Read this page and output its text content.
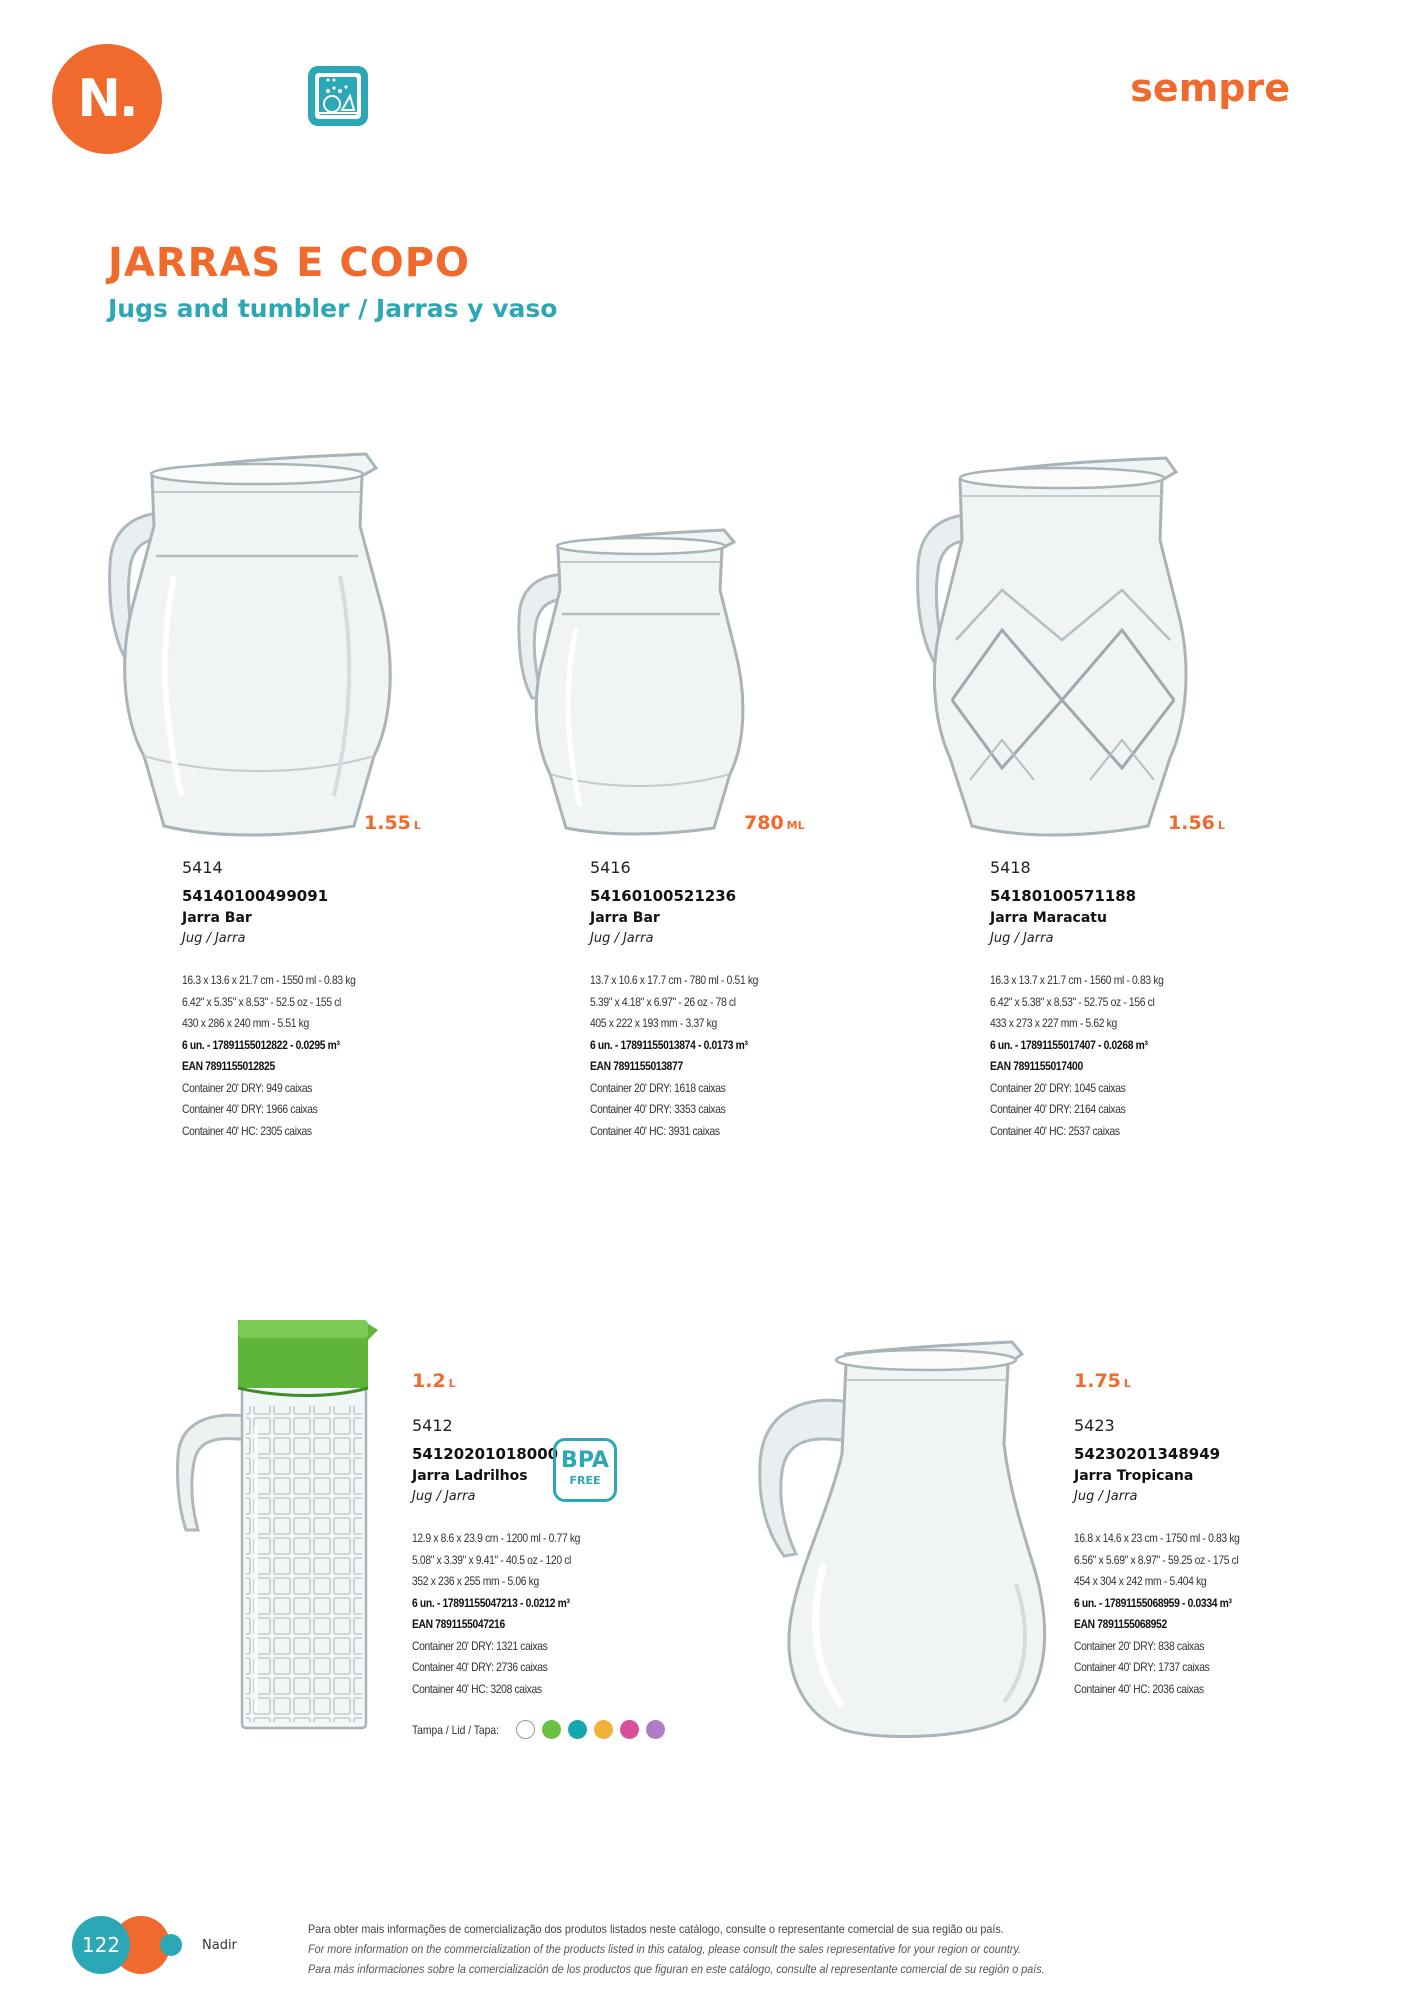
N.	sempre
JARRAS E COPO
Jugs and tumbler / Jarras y vaso
1.55 L
5414
54140100499091
Jarra Bar
Jug / Jarra
16.3 x 13.6 x 21.7 cm - 1550 ml - 0.83 kg
6.42" x 5.35" x 8.53" - 52.5 oz - 155 cl
430 x 286 x 240 mm - 5.51 kg
6 un. - 17891155012822 - 0.0295 m³
EAN 7891155012825
Container 20' DRY: 949 caixas
Container 40' DRY: 1966 caixas
Container 40' HC: 2305 caixas
780 ML
5416
54160100521236
Jarra Bar
Jug / Jarra
13.7 x 10.6 x 17.7 cm - 780 ml - 0.51 kg
5.39" x 4.18" x 6.97" - 26 oz - 78 cl
405 x 222 x 193 mm - 3.37 kg
6 un. - 17891155013874 - 0.0173 m³
EAN 7891155013877
Container 20' DRY: 1618 caixas
Container 40' DRY: 3353 caixas
Container 40' HC: 3931 caixas
1.56 L
5418
54180100571188
Jarra Maracatu
Jug / Jarra
16.3 x 13.7 x 21.7 cm - 1560 ml - 0.83 kg
6.42" x 5.38" x 8.53" - 52.75 oz - 156 cl
433 x 273 x 227 mm - 5.62 kg
6 un. - 17891155017407 - 0.0268 m³
EAN 7891155017400
Container 20' DRY: 1045 caixas
Container 40' DRY: 2164 caixas
Container 40' HC: 2537 caixas
1.2 L
5412
54120201018000
Jarra Ladrilhos
Jug / Jarra
12.9 x 8.6 x 23.9 cm - 1200 ml - 0.77 kg
5.08" x 3.39" x 9.41" - 40.5 oz - 120 cl
352 x 236 x 255 mm - 5.06 kg
6 un. - 17891155047213 - 0.0212 m³
EAN 7891155047216
Container 20' DRY: 1321 caixas
Container 40' DRY: 2736 caixas
Container 40' HC: 3208 caixas
BPA
FREE
Tampa / Lid / Tapa:
1.75 L
5423
54230201348949
Jarra Tropicana
Jug / Jarra
16.8 x 14.6 x 23 cm - 1750 ml - 0.83 kg
6.56" x 5.69" x 8.97" - 59.25 oz - 175 cl
454 x 304 x 242 mm - 5.404 kg
6 un. - 17891155068959 - 0.0334 m³
EAN 7891155068952
Container 20' DRY: 838 caixas
Container 40' DRY: 1737 caixas
Container 40' HC: 2036 caixas
122	Nadir
Para obter mais informações de comercialização dos produtos listados neste catálogo, consulte o representante comercial de sua região ou país.
For more information on the commercialization of the products listed in this catalog, please consult the sales representative for your region or country.
Para más informaciones sobre la comercialización de los productos que figuran en este catálogo, consulte al representante comercial de su región o país.
